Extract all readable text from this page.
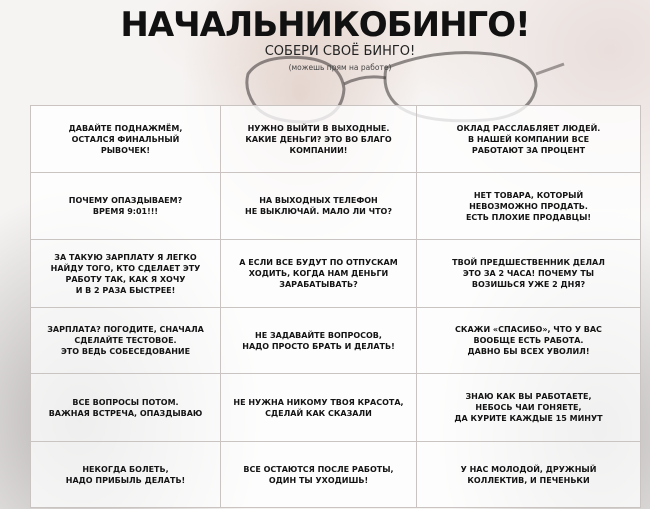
НАЧАЛЬНИКОБИНГО!
СОБЕРИ СВОЁ БИНГО!
(можешь прям на работе)
ДАВАЙТЕ ПОДНАЖМЁМ,
ОСТАЛСЯ ФИНАЛЬНЫЙ
РЫВОЧЕК!
НУЖНО ВЫЙТИ В ВЫХОДНЫЕ.
КАКИЕ ДЕНЬГИ? ЭТО ВО БЛАГО
КОМПАНИИ!
ОКЛАД РАССЛАБЛЯЕТ ЛЮДЕЙ.
В НАШЕЙ КОМПАНИИ ВСЕ
РАБОТАЮТ ЗА ПРОЦЕНТ
ПОЧЕМУ ОПАЗДЫВАЕМ?
ВРЕМЯ 9:01!!!
НА ВЫХОДНЫХ ТЕЛЕФОН
НЕ ВЫКЛЮЧАЙ. МАЛО ЛИ ЧТО?
НЕТ ТОВАРА, КОТОРЫЙ
НЕВОЗМОЖНО ПРОДАТЬ.
ЕСТЬ ПЛОХИЕ ПРОДАВЦЫ!
ЗА ТАКУЮ ЗАРПЛАТУ Я ЛЕГКО
НАЙДУ ТОГО, КТО СДЕЛАЕТ ЭТУ
РАБОТУ ТАК, КАК Я ХОЧУ
И В 2 РАЗА БЫСТРЕЕ!
А ЕСЛИ ВСЕ БУДУТ ПО ОТПУСКАМ
ХОДИТЬ, КОГДА НАМ ДЕНЬГИ
ЗАРАБАТЫВАТЬ?
ТВОЙ ПРЕДШЕСТВЕННИК ДЕЛАЛ
ЭТО ЗА 2 ЧАСА! ПОЧЕМУ ТЫ
ВОЗИШЬСЯ УЖЕ 2 ДНЯ?
ЗАРПЛАТА? ПОГОДИТЕ, СНАЧАЛА
СДЕЛАЙТЕ ТЕСТОВОЕ.
ЭТО ВЕДЬ СОБЕСЕДОВАНИЕ
НЕ ЗАДАВАЙТЕ ВОПРОСОВ,
НАДО ПРОСТО БРАТЬ И ДЕЛАТЬ!
СКАЖИ «СПАСИБО», ЧТО У ВАС
ВООБЩЕ ЕСТЬ РАБОТА.
ДАВНО БЫ ВСЕХ УВОЛИЛ!
ВСЕ ВОПРОСЫ ПОТОМ.
ВАЖНАЯ ВСТРЕЧА, ОПАЗДЫВАЮ
НЕ НУЖНА НИКОМУ ТВОЯ КРАСОТА,
СДЕЛАЙ КАК СКАЗАЛИ
ЗНАЮ КАК ВЫ РАБОТАЕТЕ,
НЕБОСЬ ЧАИ ГОНЯЕТЕ,
ДА КУРИТЕ КАЖДЫЕ 15 МИНУТ
НЕКОГДА БОЛЕТЬ,
НАДО ПРИБЫЛЬ ДЕЛАТЬ!
ВСЕ ОСТАЮТСЯ ПОСЛЕ РАБОТЫ,
ОДИН ТЫ УХОДИШЬ!
У НАС МОЛОДОЙ, ДРУЖНЫЙ
КОЛЛЕКТИВ, И ПЕЧЕНЬКИ
